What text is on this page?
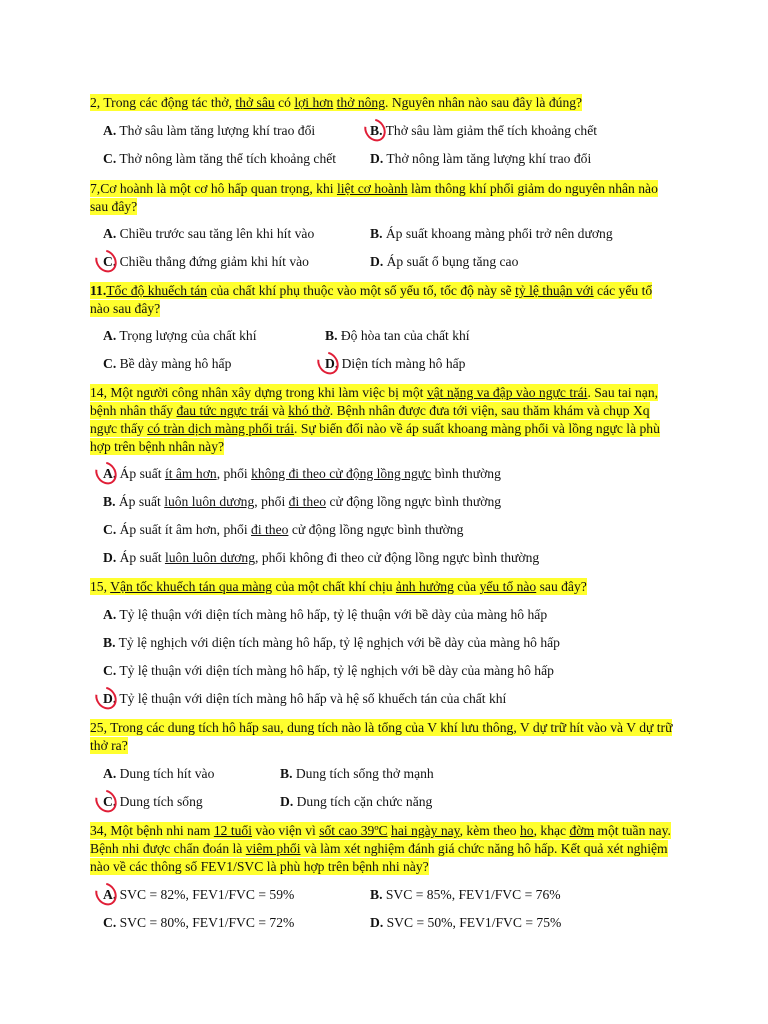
2, Trong các động tác thở, thở sâu có lợi hơn thở nông. Nguyên nhân nào sau đây là đúng?
A. Thở sâu làm tăng lượng khí trao đổi	B. Thở sâu làm giảm thể tích khoảng chết
C. Thở nông làm tăng thể tích khoảng chết D. Thở nông làm tăng lượng khí trao đổi
7,Cơ hoành là một cơ hô hấp quan trọng, khi liệt cơ hoành làm thông khí phổi giảm do nguyên nhân nào sau đây?
A. Chiều trước sau tăng lên khi hít vào	B. Áp suất khoang màng phổi trở nên dương
C. Chiều thẳng đứng giảm khi hít vào	D. Áp suất ổ bụng tăng cao
11.Tốc độ khuếch tán của chất khí phụ thuộc vào một số yếu tố, tốc độ này sẽ tỷ lệ thuận với các yếu tố nào sau đây?
A. Trọng lượng của chất khí	B. Độ hòa tan của chất khí
C. Bề dày màng hô hấp	D. Diện tích màng hô hấp
14, Một người công nhân xây dựng trong khi làm việc bị một vật nặng va đập vào ngực trái. Sau tai nạn, bệnh nhân thấy đau tức ngực trái và khó thở. Bệnh nhân được đưa tới viện, sau thăm khám và chụp Xq ngực thấy có tràn dịch màng phổi trái. Sự biến đổi nào về áp suất khoang màng phổi và lồng ngực là phù hợp trên bệnh nhân này?
A. Áp suất ít âm hơn, phổi không đi theo cử động lồng ngực bình thường
B. Áp suất luôn luôn dương, phổi đi theo cử động lồng ngực bình thường
C. Áp suất ít âm hơn, phổi đi theo cử động lồng ngực bình thường
D. Áp suất luôn luôn dương, phổi không đi theo cử động lồng ngực bình thường
15, Vận tốc khuếch tán qua màng của một chất khí chịu ảnh hưởng của yếu tố nào sau đây?
A. Tỷ lệ thuận với diện tích màng hô hấp, tỷ lệ thuận với bề dày của màng hô hấp
B. Tỷ lệ nghịch với diện tích màng hô hấp, tỷ lệ nghịch với bề dày của màng hô hấp
C. Tỷ lệ thuận với diện tích màng hô hấp, tỷ lệ nghịch với bề dày của màng hô hấp
D. Tỷ lệ thuận với diện tích màng hô hấp và hệ số khuếch tán của chất khí
25, Trong các dung tích hô hấp sau, dung tích nào là tổng của V khí lưu thông, V dự trữ hít vào và V dự trữ thở ra?
A. Dung tích hít vào	B. Dung tích sống thở mạnh
C. Dung tích sống	D. Dung tích cặn chức năng
34, Một bệnh nhi nam 12 tuổi vào viện vì sốt cao 39ºC hai ngày nay, kèm theo ho, khạc đờm một tuần nay. Bệnh nhi được chẩn đoán là viêm phổi và làm xét nghiệm đánh giá chức năng hô hấp. Kết quả xét nghiệm nào về các thông số FEV1/SVC là phù hợp trên bệnh nhi này?
A. SVC = 82%, FEV1/FVC = 59%	B. SVC = 85%, FEV1/FVC = 76%
C. SVC = 80%, FEV1/FVC = 72%	D. SVC = 50%, FEV1/FVC = 75%
